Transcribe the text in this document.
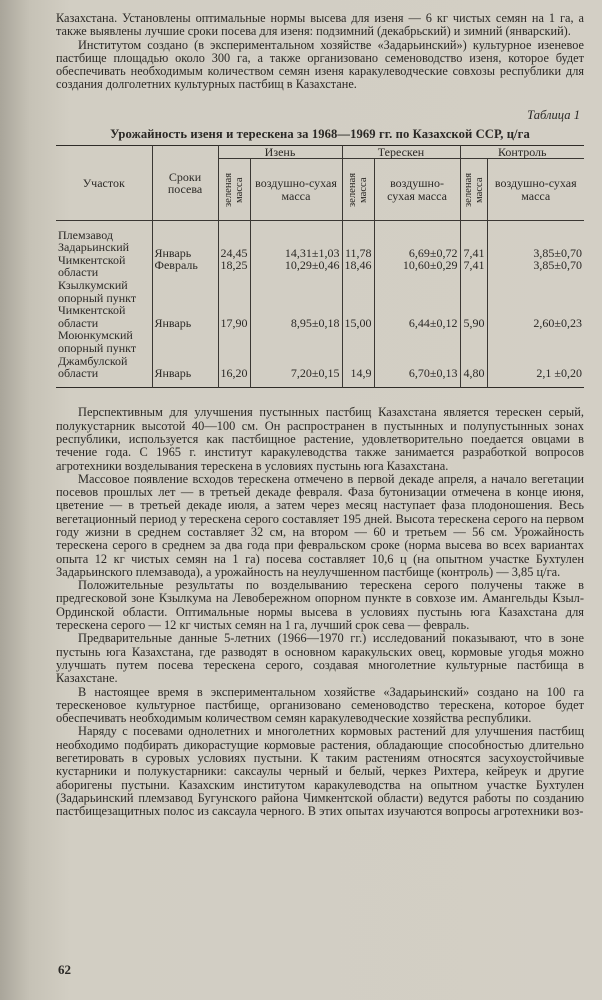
Казахстана. Установлены оптимальные нормы высева для изеня — 6 кг чистых семян на 1 га, а также выявлены лучшие сроки посева для изеня: подзимний (декабрьский) и зимний (январский).

Институтом создано (в экспериментальном хозяйстве «Задарьинский») культурное изеневое пастбище площадью около 300 га, а также организовано семеноводство изеня, которое будет обеспечивать необходимым количеством семян изеня каракулеводческие совхозы республики для создания долголетних культурных пастбищ в Казахстане.

Таблица 1
Урожайность изеня и терескена за 1968—1969 гг. по Казахской ССР, ц/га
Участок	Сроки посева	Изень		Терескен		Контроль	

		зеленая масса	воздушно-сухая масса	зеленая масса	воздушно-сухая масса	зеленая масса	воздушно-сухая масса

Племзавод Задарьинский Чимкентской области	Январь	24,45	14,31±1,03	11,78	6,69±0,72	7,41	3,85±0,70
	Февраль	18,25	10,29±0,46	18,46	10,60±0,29	7,41	3,85±0,70
Кзылкумский опорный пункт Чимкентской области	Январь	17,90	8,95±0,18	15,00	6,44±0,12	5,90	2,60±0,23
Моюнкумский опорный пункт Джамбулской области	Январь	16,20	7,20±0,15	14,9	6,70±0,13	4,80	2,1 ±0,20

Перспективным для улучшения пустынных пастбищ Казахстана является терескен серый, полукустарник высотой 40—100 см. Он распространен в пустынных и полупустынных зонах республики, используется как пастбищное растение, удовлетворительно поедается овцами в течение года. С 1965 г. институт каракулеводства также занимается разработкой вопросов агротехники возделывания терескена в условиях пустынь юга Казахстана.

Массовое появление всходов терескена отмечено в первой декаде апреля, а начало вегетации посевов прошлых лет — в третьей декаде февраля. Фаза бутонизации отмечена в конце июня, цветение — в третьей декаде июля, а затем через месяц наступает фаза плодоношения. Весь вегетационный период у терескена серого составляет 195 дней. Высота терескена серого на первом году жизни в среднем составляет 32 см, на втором — 60 и третьем — 56 см. Урожайность терескена серого в среднем за два года при февральском сроке (норма высева во всех вариантах опыта 12 кг чистых семян на 1 га) посева составляет 10,6 ц (на опытном участке Бухтулен Задарьинского племзавода), а урожайность на неулучшенном пастбище (контроль) — 3,85 ц/га.

Положительные результаты по возделыванию терескена серого получены также в предгесковой зоне Кзылкума на Левобережном опорном пункте в совхозе им. Амангельды Кзыл-Ординской области. Оптимальные нормы высева в условиях пустынь юга Казахстана для терескена серого — 12 кг чистых семян на 1 га, лучший срок сева — февраль.

Предварительные данные 5-летних (1966—1970 гг.) исследований показывают, что в зоне пустынь юга Казахстана, где разводят в основном каракульских овец, кормовые угодья можно улучшать путем посева терескена серого, создавая многолетние культурные пастбища в Казахстане.

В настоящее время в экспериментальном хозяйстве «Задарьинский» создано на 100 га терескеновое культурное пастбище, организовано семеноводство терескена, которое будет обеспечивать необходимым количеством семян каракулеводческие хозяйства республики.

Наряду с посевами однолетних и многолетних кормовых растений для улучшения пастбищ необходимо подбирать дикорастущие кормовые растения, обладающие способностью длительно вегетировать в суровых условиях пустыни. К таким растениям относятся засухоустойчивые кустарники и полукустарники: саксаулы черный и белый, черкез Рихтера, кейреук и другие аборигены пустыни. Казахским институтом каракулеводства на опытном участке Бухтулен (Задарьинский племзавод Бугунского района Чимкентской области) ведутся работы по созданию пастбищезащитных полос из саксаула черного. В этих опытах изучаются вопросы агротехники воз-

62
